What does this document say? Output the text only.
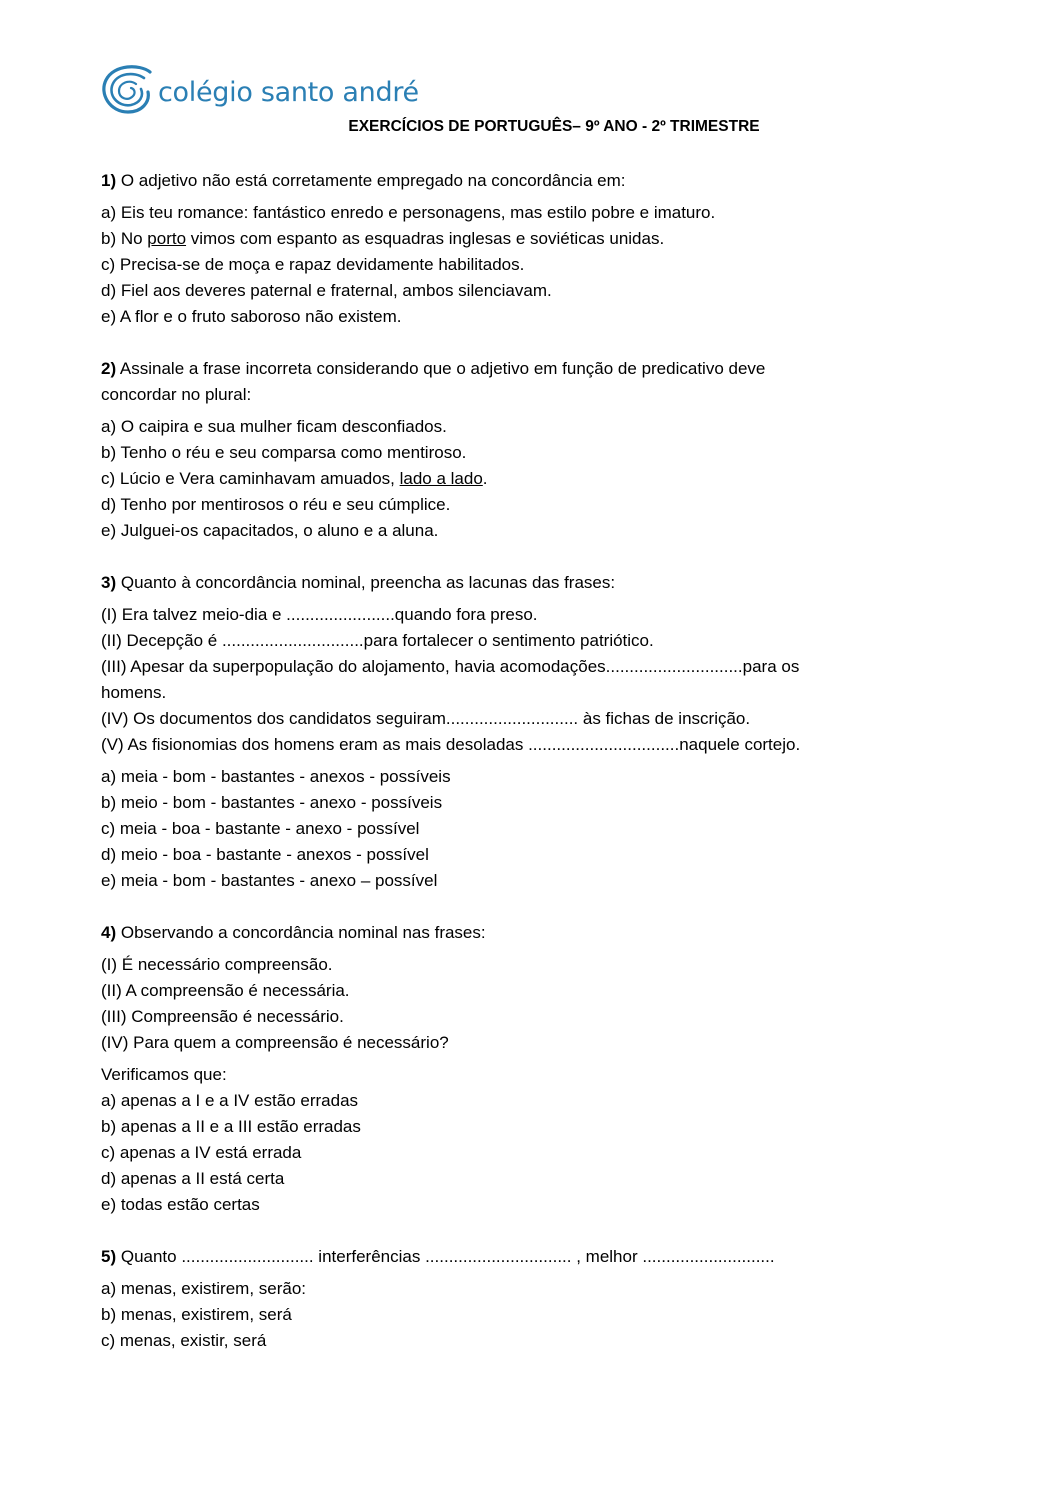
colégio santo andré
EXERCÍCIOS DE PORTUGUÊS– 9º ANO - 2º TRIMESTRE
1) O adjetivo não está corretamente empregado na concordância em:
a) Eis teu romance: fantástico enredo e personagens, mas estilo pobre e imaturo.
b) No porto vimos com espanto as esquadras inglesas e soviéticas unidas.
c) Precisa-se de moça e rapaz devidamente habilitados.
d) Fiel aos deveres paternal e fraternal, ambos silenciavam.
e) A flor e o fruto saboroso não existem.
2) Assinale a frase incorreta considerando que o adjetivo em função de predicativo deve
concordar no plural:
a) O caipira e sua mulher ficam desconfiados.
b) Tenho o réu e seu comparsa como mentiroso.
c) Lúcio e Vera caminhavam amuados, lado a lado.
d) Tenho por mentirosos o réu e seu cúmplice.
e) Julguei-os capacitados, o aluno e a aluna.
3) Quanto à concordância nominal, preencha as lacunas das frases:
(I) Era talvez meio-dia e .......................quando fora preso.
(II) Decepção é ..............................para fortalecer o sentimento patriótico.
(III) Apesar da superpopulação do alojamento, havia acomodações.............................para os
homens.
(IV) Os documentos dos candidatos seguiram............................ às fichas de inscrição.
(V) As fisionomias dos homens eram as mais desoladas ................................naquele cortejo.
a) meia - bom - bastantes - anexos - possíveis
b) meio - bom - bastantes - anexo - possíveis
c) meia - boa - bastante - anexo - possível
d) meio - boa - bastante - anexos - possível
e) meia - bom - bastantes - anexo – possível
4) Observando a concordância nominal nas frases:
(I) É necessário compreensão.
(II) A compreensão é necessária.
(III) Compreensão é necessário.
(IV) Para quem a compreensão é necessário?
Verificamos que:
a) apenas a I e a IV estão erradas
b) apenas a II e a III estão erradas
c) apenas a IV está errada
d) apenas a II está certa
e) todas estão certas
5) Quanto ............................ interferências ............................... , melhor ............................
a) menas, existirem, serão:
b) menas, existirem, será
c) menas, existir, será
